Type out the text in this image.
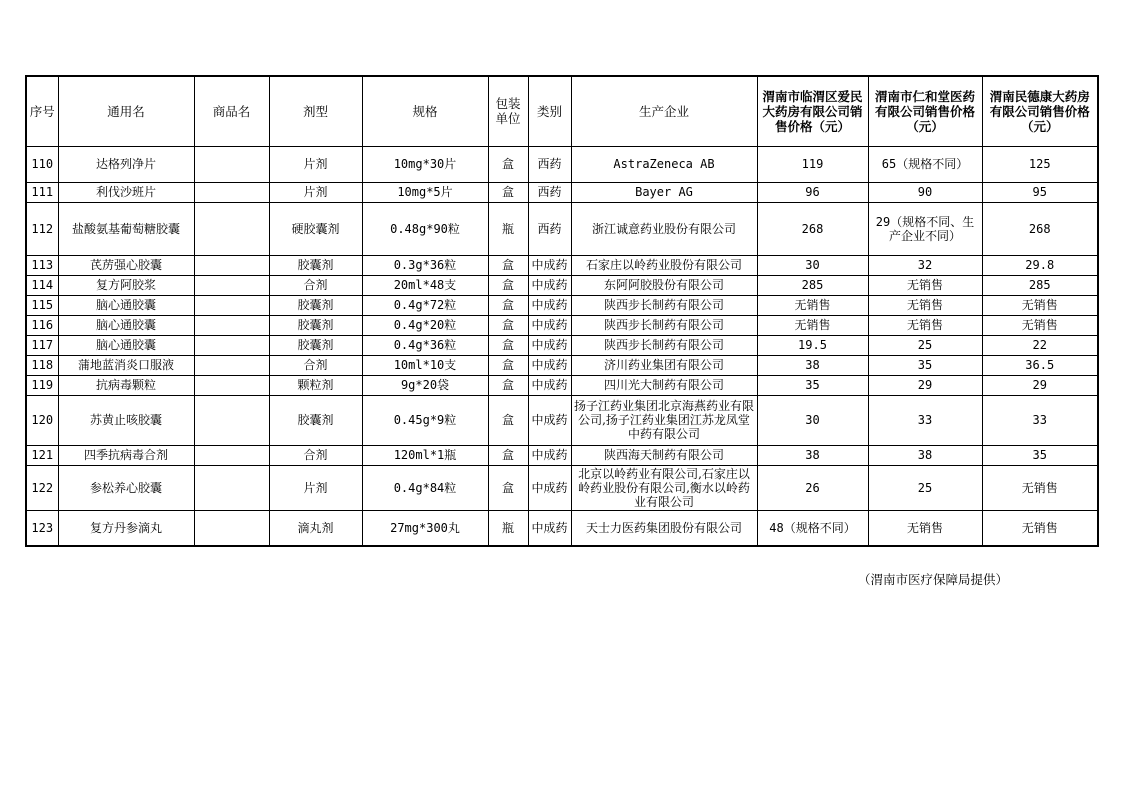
序号	通用名	商品名	剂型	规格	包装单位	类别	生产企业	渭南市临渭区爱民大药房有限公司销售价格（元）	渭南市仁和堂医药有限公司销售价格（元）	渭南民德康大药房有限公司销售价格（元）
110	达格列净片		片剂	10mg*30片	盒	西药	AstraZeneca AB	119	65（规格不同）	125
111	利伐沙班片		片剂	10mg*5片	盒	西药	Bayer AG	96	90	95
112	盐酸氨基葡萄糖胶囊		硬胶囊剂	0.48g*90粒	瓶	西药	浙江诚意药业股份有限公司	268	29（规格不同、生产企业不同）	268
113	芪苈强心胶囊		胶囊剂	0.3g*36粒	盒	中成药	石家庄以岭药业股份有限公司	30	32	29.8
114	复方阿胶浆		合剂	20ml*48支	盒	中成药	东阿阿胶股份有限公司	285	无销售	285
115	脑心通胶囊		胶囊剂	0.4g*72粒	盒	中成药	陕西步长制药有限公司	无销售	无销售	无销售
116	脑心通胶囊		胶囊剂	0.4g*20粒	盒	中成药	陕西步长制药有限公司	无销售	无销售	无销售
117	脑心通胶囊		胶囊剂	0.4g*36粒	盒	中成药	陕西步长制药有限公司	19.5	25	22
118	蒲地蓝消炎口服液		合剂	10ml*10支	盒	中成药	济川药业集团有限公司	38	35	36.5
119	抗病毒颗粒		颗粒剂	9g*20袋	盒	中成药	四川光大制药有限公司	35	29	29
120	苏黄止咳胶囊		胶囊剂	0.45g*9粒	盒	中成药	扬子江药业集团北京海燕药业有限公司,扬子江药业集团江苏龙凤堂中药有限公司	30	33	33
121	四季抗病毒合剂		合剂	120ml*1瓶	盒	中成药	陕西海天制药有限公司	38	38	35
122	参松养心胶囊		片剂	0.4g*84粒	盒	中成药	北京以岭药业有限公司,石家庄以岭药业股份有限公司,衡水以岭药业有限公司	26	25	无销售
123	复方丹参滴丸		滴丸剂	27mg*300丸	瓶	中成药	天士力医药集团股份有限公司	48（规格不同）	无销售	无销售
（渭南市医疗保障局提供）
